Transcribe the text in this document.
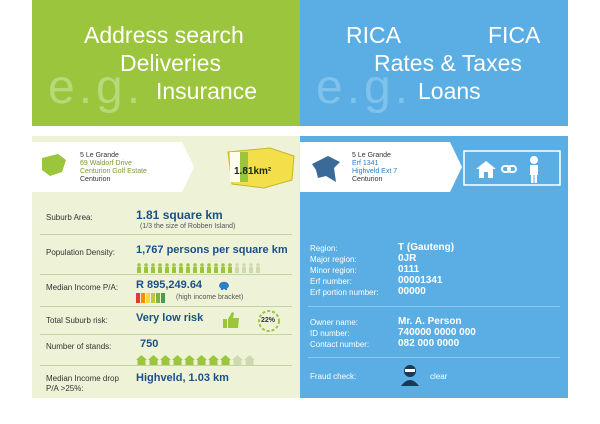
e.g.
Address search
Deliveries
Insurance e.g.
RICA	FICA
Rates & Taxes
Loans
5 Le Grande
69 Waldorf Drive
Centurion Golf Estate
Centurion
1.81km²
5 Le Grande
Erf 1341
Highveld Ext 7
Centurion
Suburb Area:	1.81 square km
(1/3 the size of Robben Island)
Population Density: 1,767 persons per square km
Median Income P/A: R 895,249.64
(high income bracket)
Total Suburb risk:	Very low risk	22%
Number of stands:	750
Median Income drop
P/A >25%:
Highveld, 1.03 km
Region:	T (Gauteng)
Major region:	0JR
Minor region:	0111
Erf number:	00001341
Erf portion number: 00000
Owner name:	Mr. A. Person
ID number:	740000 0000 000
Contact number:	082 000 0000
Fraud check:	clear
